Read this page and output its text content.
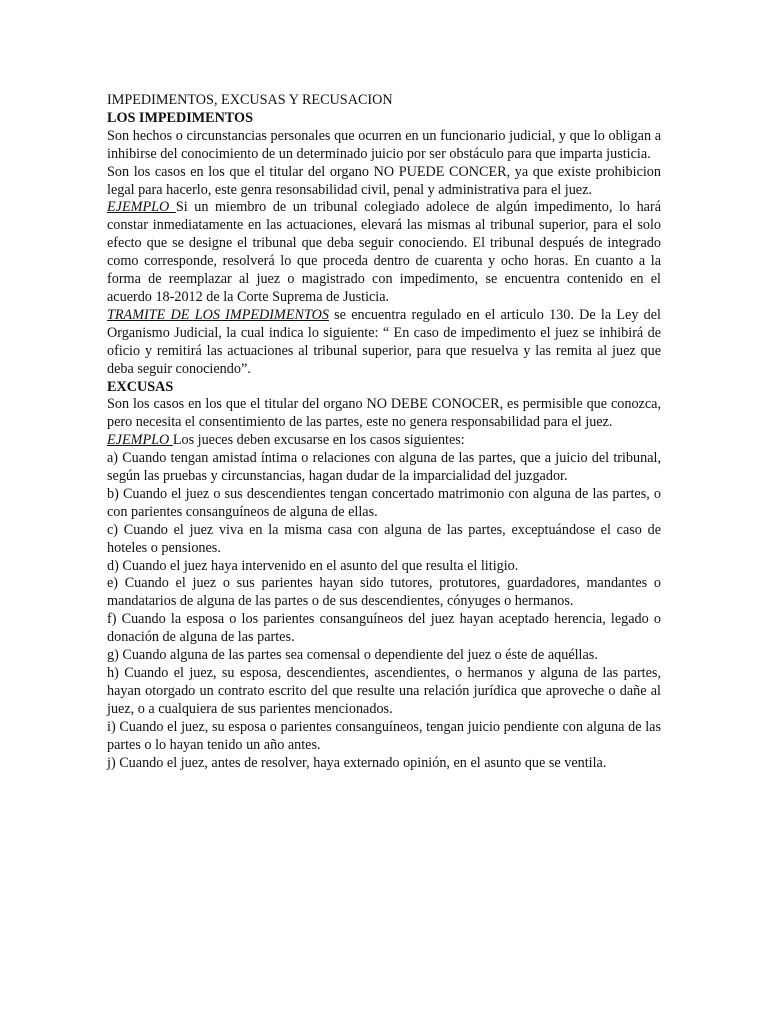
IMPEDIMENTOS, EXCUSAS Y RECUSACION

LOS IMPEDIMENTOS

Son hechos o circunstancias personales que ocurren en un funcionario judicial, y que lo obligan a inhibirse del conocimiento de un determinado juicio por ser obstáculo para que imparta justicia.

Son los casos en los que el titular del organo NO PUEDE CONCER, ya que existe prohibicion legal para hacerlo, este genra resonsabilidad civil, penal y administrativa para el juez.

EJEMPLO Si un miembro de un tribunal colegiado adolece de algún impedimento, lo hará constar inmediatamente en las actuaciones, elevará las mismas al tribunal superior, para el solo efecto que se designe el tribunal que deba seguir conociendo. El tribunal después de integrado como corresponde, resolverá lo que proceda dentro de cuarenta y ocho horas. En cuanto a la forma de reemplazar al juez o magistrado con impedimento, se encuentra contenido en el acuerdo 18-2012 de la Corte Suprema de Justicia.

TRAMITE DE LOS IMPEDIMENTOS se encuentra regulado en el articulo 130. De la Ley del Organismo Judicial, la cual indica lo siguiente: “ En caso de impedimento el juez se inhibirá de oficio y remitirá las actuaciones al tribunal superior, para que resuelva y las remita al juez que deba seguir conociendo”.

EXCUSAS

Son los casos en los que el titular del organo NO DEBE CONOCER, es permisible que conozca, pero necesita el consentimiento de las partes, este no genera responsabilidad para el juez.

EJEMPLO Los jueces deben excusarse en los casos siguientes:

a) Cuando tengan amistad íntima o relaciones con alguna de las partes, que a juicio del tribunal, según las pruebas y circunstancias, hagan dudar de la imparcialidad del juzgador.

b) Cuando el juez o sus descendientes tengan concertado matrimonio con alguna de las partes, o con parientes consanguíneos de alguna de ellas.

c) Cuando el juez viva en la misma casa con alguna de las partes, exceptuándose el caso de hoteles o pensiones.

d) Cuando el juez haya intervenido en el asunto del que resulta el litigio.

e) Cuando el juez o sus parientes hayan sido tutores, protutores, guardadores, mandantes o mandatarios de alguna de las partes o de sus descendientes, cónyuges o hermanos.

f) Cuando la esposa o los parientes consanguíneos del juez hayan aceptado herencia, legado o donación de alguna de las partes.

g) Cuando alguna de las partes sea comensal o dependiente del juez o éste de aquéllas.

h) Cuando el juez, su esposa, descendientes, ascendientes, o hermanos y alguna de las partes, hayan otorgado un contrato escrito del que resulte una relación jurídica que aproveche o dañe al juez, o a cualquiera de sus parientes mencionados.

i) Cuando el juez, su esposa o parientes consanguíneos, tengan juicio pendiente con alguna de las partes o lo hayan tenido un año antes.

j) Cuando el juez, antes de resolver, haya externado opinión, en el asunto que se ventila.
